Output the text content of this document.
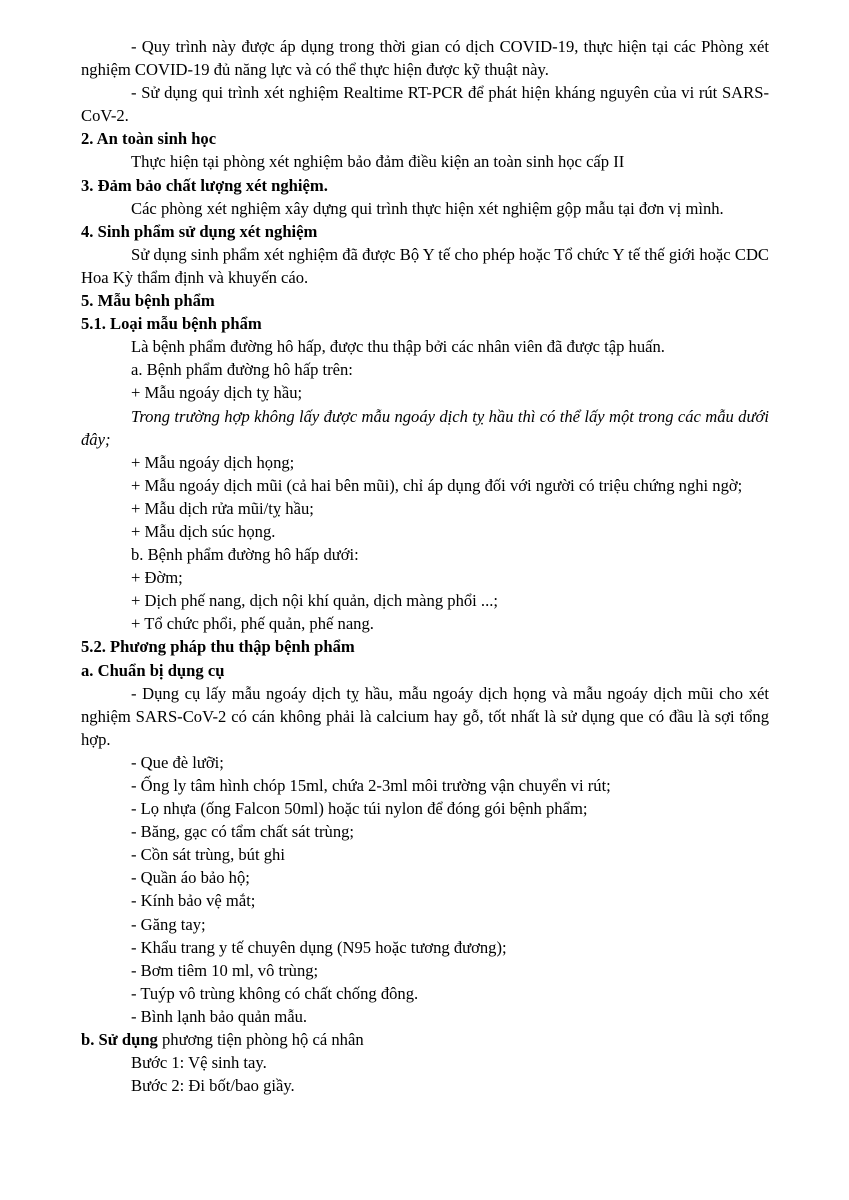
- Quy trình này được áp dụng trong thời gian có dịch COVID-19, thực hiện tại các Phòng xét nghiệm COVID-19 đủ năng lực và có thể thực hiện được kỹ thuật này.

- Sử dụng qui trình xét nghiệm Realtime RT-PCR để phát hiện kháng nguyên của vi rút SARS-CoV-2.

2. An toàn sinh học

Thực hiện tại phòng xét nghiệm bảo đảm điều kiện an toàn sinh học cấp II

3. Đảm bảo chất lượng xét nghiệm.

Các phòng xét nghiệm xây dựng qui trình thực hiện xét nghiệm gộp mẫu tại đơn vị mình.

4. Sinh phẩm sử dụng xét nghiệm

Sử dụng sinh phẩm xét nghiệm đã được Bộ Y tế cho phép hoặc Tổ chức Y tế thế giới hoặc CDC Hoa Kỳ thẩm định và khuyến cáo.

5. Mẫu bệnh phẩm

5.1. Loại mẫu bệnh phẩm

Là bệnh phẩm đường hô hấp, được thu thập bởi các nhân viên đã được tập huấn.

a. Bệnh phẩm đường hô hấp trên:

+ Mẫu ngoáy dịch tỵ hầu;

Trong trường hợp không lấy được mẫu ngoáy dịch tỵ hầu thì có thể lấy một trong các mẫu dưới đây;

+ Mẫu ngoáy dịch họng;

+ Mẫu ngoáy dịch mũi (cả hai bên mũi), chỉ áp dụng đối với người có triệu chứng nghi ngờ;

+ Mẫu dịch rửa mũi/tỵ hầu;

+ Mẫu dịch súc họng.

b. Bệnh phẩm đường hô hấp dưới:

+ Đờm;

+ Dịch phế nang, dịch nội khí quản, dịch màng phổi ...;

+ Tổ chức phổi, phế quản, phế nang.

5.2. Phương pháp thu thập bệnh phẩm

a. Chuẩn bị dụng cụ

- Dụng cụ lấy mẫu ngoáy dịch tỵ hầu, mẫu ngoáy dịch họng và mẫu ngoáy dịch mũi cho xét nghiệm SARS-CoV-2 có cán không phải là calcium hay gỗ, tốt nhất là sử dụng que có đầu là sợi tổng hợp.

- Que đè lưỡi;

- Ống ly tâm hình chóp 15ml, chứa 2-3ml môi trường vận chuyển vi rút;

- Lọ nhựa (ống Falcon 50ml) hoặc túi nylon để đóng gói bệnh phẩm;

- Băng, gạc có tẩm chất sát trùng;

- Cồn sát trùng, bút ghi

- Quần áo bảo hộ;

- Kính bảo vệ mắt;

- Găng tay;

- Khẩu trang y tế chuyên dụng (N95 hoặc tương đương);

- Bơm tiêm 10 ml, vô trùng;

- Tuýp vô trùng không có chất chống đông.

- Bình lạnh bảo quản mẫu.

b. Sử dụng phương tiện phòng hộ cá nhân

Bước 1: Vệ sinh tay.

Bước 2: Đi bốt/bao giầy.
